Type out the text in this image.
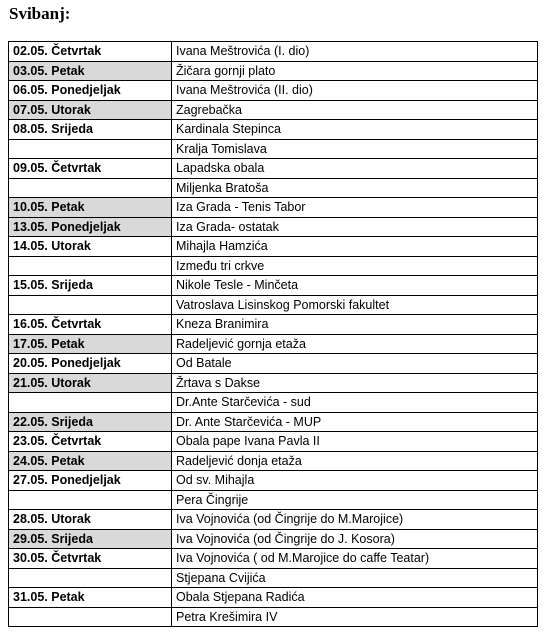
Svibanj:
02.05. Četvrtak	Ivana Meštrovića (I. dio)
03.05. Petak	Žičara gornji plato
06.05. Ponedjeljak	Ivana Meštrovića (II. dio)
07.05. Utorak	Zagrebačka
08.05. Srijeda	Kardinala Stepinca
	Kralja Tomislava
09.05. Četvrtak	Lapadska obala
	Miljenka Bratoša
10.05. Petak	Iza Grada - Tenis Tabor
13.05. Ponedjeljak	Iza Grada- ostatak
14.05. Utorak	Mihajla Hamzića
	Između tri crkve
15.05. Srijeda	Nikole Tesle - Minčeta
	Vatroslava Lisinskog Pomorski fakultet
16.05. Četvrtak	Kneza Branimira
17.05. Petak	Radeljević gornja etaža
20.05. Ponedjeljak	Od Batale
21.05. Utorak	Žrtava s Dakse
	Dr.Ante Starčevića - sud
22.05. Srijeda	Dr. Ante Starčevića - MUP
23.05. Četvrtak	Obala pape Ivana Pavla II
24.05. Petak	Radeljević donja etaža
27.05. Ponedjeljak	Od sv. Mihajla
	Pera Čingrije
28.05. Utorak	Iva Vojnovića (od Čingrije do M.Marojice)
29.05. Srijeda	Iva Vojnovića (od Čingrije do J. Kosora)
30.05. Četvrtak	Iva Vojnovića ( od M.Marojice do caffe Teatar)
	Stjepana Cvijića
31.05. Petak	Obala Stjepana Radića
	Petra Krešimira IV
